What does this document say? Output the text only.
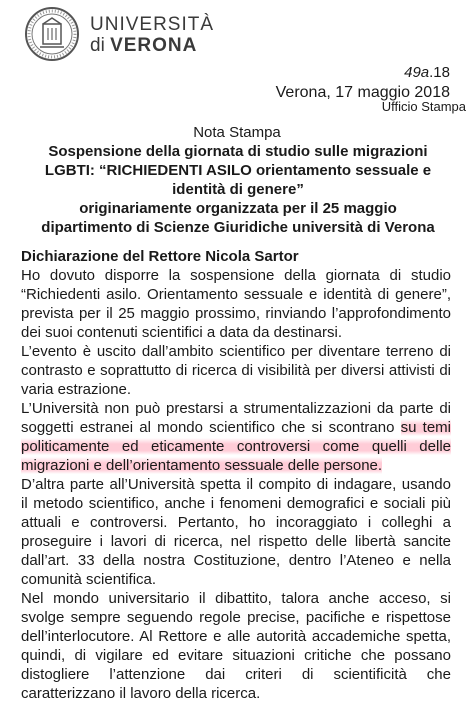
UNIVERSITÀ
di VERONA
49a.18
Verona, 17 maggio 2018
Ufficio Stampa
Nota Stampa
Sospensione della giornata di studio sulle migrazioni
LGBTI: “RICHIEDENTI ASILO orientamento sessuale e
identità di genere”
originariamente organizzata per il 25 maggio
dipartimento di Scienze Giuridiche università di Verona
Dichiarazione del Rettore Nicola Sartor

Ho dovuto disporre la sospensione della giornata di studio “Richiedenti asilo. Orientamento sessuale e identità di genere”, prevista per il 25 maggio prossimo, rinviando l’approfondimento dei suoi contenuti scientifici a data da destinarsi.

L’evento è uscito dall’ambito scientifico per diventare terreno di contrasto e soprattutto di ricerca di visibilità per diversi attivisti di varia estrazione.

L’Università non può prestarsi a strumentalizzazioni da parte di soggetti estranei al mondo scientifico che si scontrano su temi politicamente ed eticamente controversi come quelli delle migrazioni e dell’orientamento sessuale delle persone.

D’altra parte all’Università spetta il compito di indagare, usando il metodo scientifico, anche i fenomeni demografici e sociali più attuali e controversi. Pertanto, ho incoraggiato i colleghi a proseguire i lavori di ricerca, nel rispetto delle libertà sancite dall’art. 33 della nostra Costituzione, dentro l’Ateneo e nella comunità scientifica.

Nel mondo universitario il dibattito, talora anche acceso, si svolge sempre seguendo regole precise, pacifiche e rispettose dell’interlocutore. Al Rettore e alle autorità accademiche spetta, quindi, di vigilare ed evitare situazioni critiche che possano distogliere l’attenzione dai criteri di scientificità che caratterizzano il lavoro della ricerca.
